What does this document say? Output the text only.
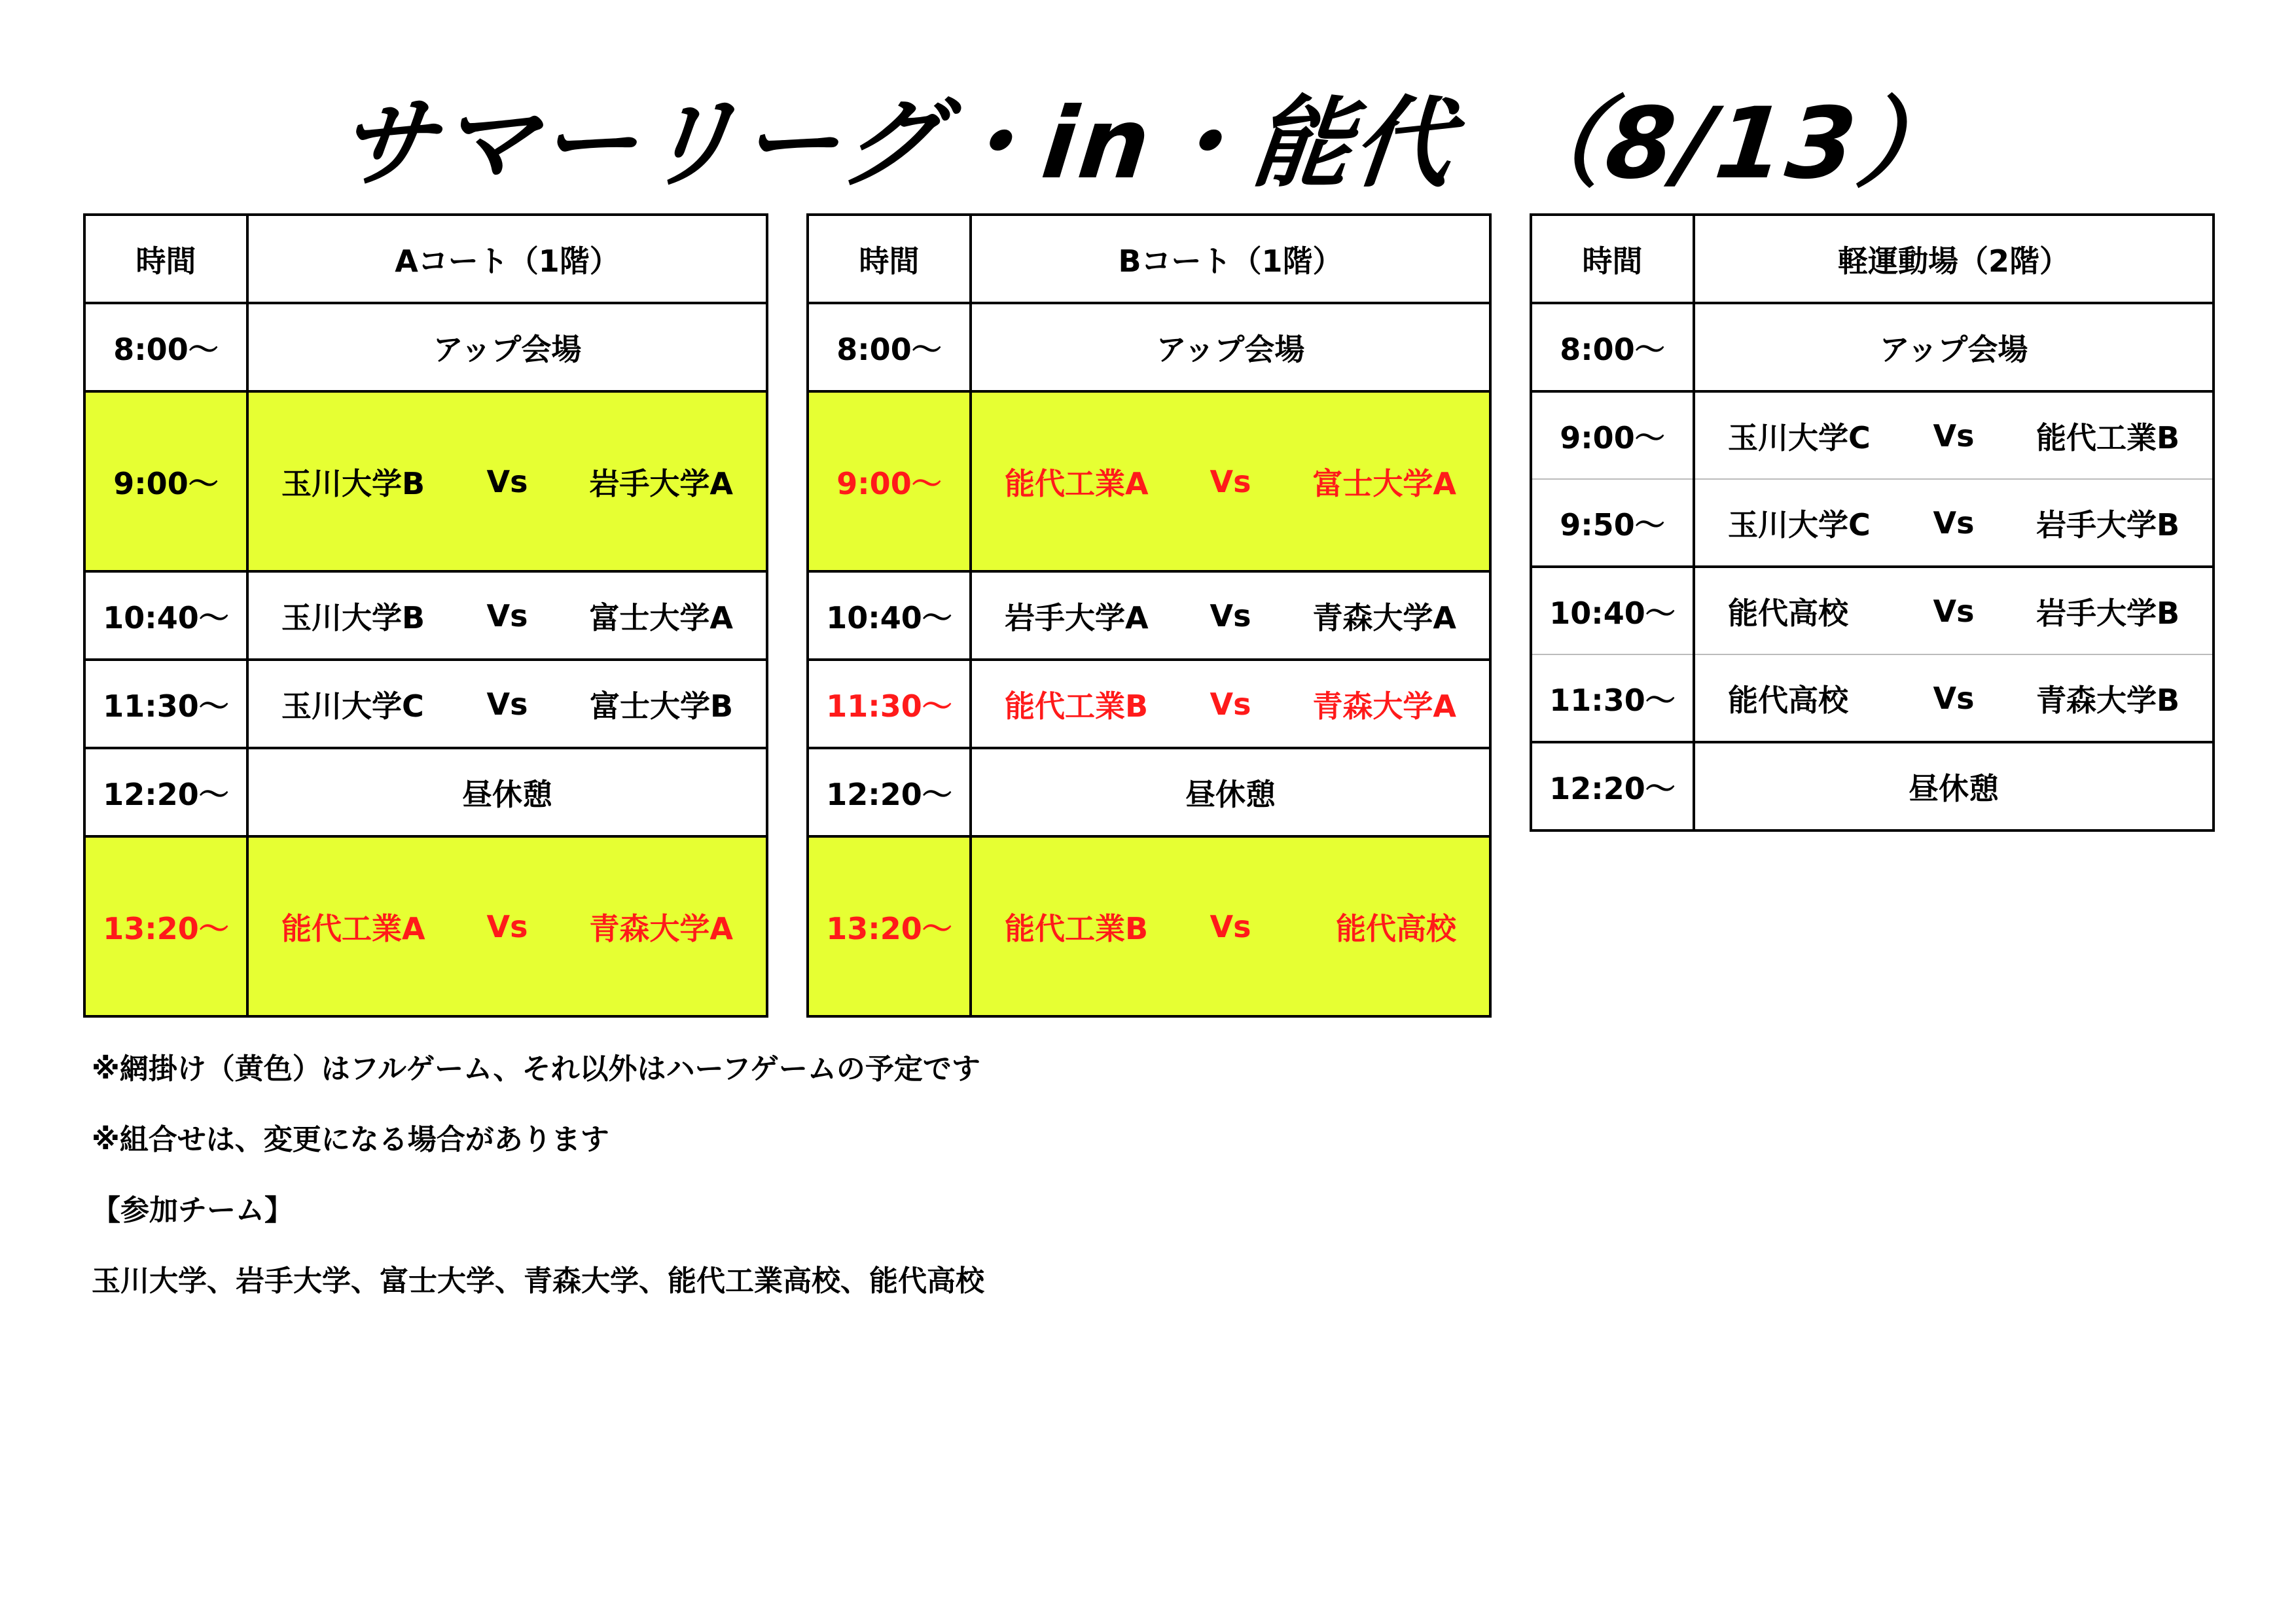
サマーリーグ・in・能代　（8/13）
時間	Aコート（1階）
8:00～	アップ会場
9:00～	玉川大学B Vs 岩手大学A

10:40～	玉川大学B Vs 富士大学A

11:30～	玉川大学C Vs 富士大学B

12:20～	昼休憩
13:20～	能代工業A Vs 青森大学A
時間	Bコート（1階）
8:00～	アップ会場
9:00～	能代工業A Vs 富士大学A

10:40～	岩手大学A Vs 青森大学A

11:30～	能代工業B Vs 青森大学A

12:20～	昼休憩
13:20～	能代工業B Vs 能代高校
時間	軽運動場（2階）
8:00～	アップ会場
9:00～	玉川大学C Vs 能代工業B

9:50～	玉川大学C Vs 岩手大学B

10:40～	能代高校 Vs 岩手大学B

11:30～	能代高校 Vs 青森大学B

12:20～	昼休憩
※網掛け（黄色）はフルゲーム、それ以外はハーフゲームの予定です
※組合せは、変更になる場合があります
【参加チーム】
玉川大学、岩手大学、富士大学、青森大学、能代工業高校、能代高校
